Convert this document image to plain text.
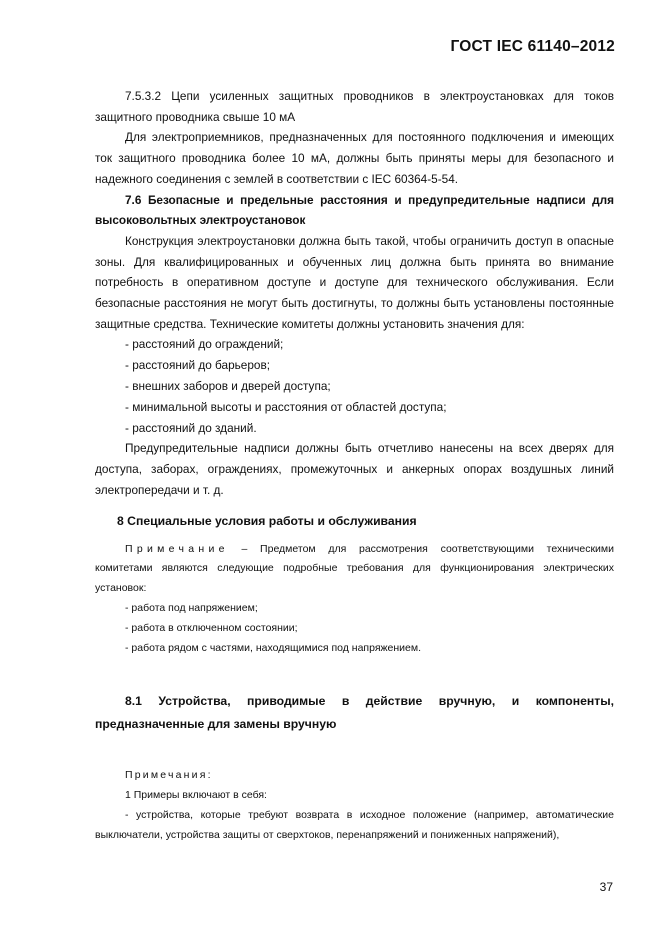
ГОСТ IEC 61140–2012

7.5.3.2 Цепи усиленных защитных проводников в электроустановках для токов защитного проводника свыше 10 мА

Для электроприемников, предназначенных для постоянного подключения и имеющих ток защитного проводника более 10 мА, должны быть приняты меры для безопасного и надежного соединения с землей в соответствии с IEC 60364-5-54.

7.6 Безопасные и предельные расстояния и предупредительные надписи для высоковольтных электроустановок

Конструкция электроустановки должна быть такой, чтобы ограничить доступ в опасные зоны. Для квалифицированных и обученных лиц должна быть принята во внимание потребность в оперативном доступе и доступе для технического обслуживания. Если безопасные расстояния не могут быть достигнуты, то должны быть установлены постоянные защитные средства. Технические комитеты должны установить значения для:

- расстояний до ограждений;
- расстояний до барьеров;
- внешних заборов и дверей доступа;
- минимальной высоты и расстояния от областей доступа;
- расстояний до зданий.

Предупредительные надписи должны быть отчетливо нанесены на всех дверях для доступа, заборах, ограждениях, промежуточных и анкерных опорах воздушных линий электропередачи и т. д.

8 Специальные условия работы и обслуживания

Примечание – Предметом для рассмотрения соответствующими техническими комитетами являются следующие подробные требования для функционирования электрических установок:

- работа под напряжением;
- работа в отключенном состоянии;
- работа рядом с частями, находящимися под напряжением.
8.1 Устройства, приводимые в действие вручную, и компоненты,
предназначенные для замены вручную
Примечания:
1 Примеры включают в себя:

- устройства, которые требуют возврата в исходное положение (например, автоматические выключатели, устройства защиты от сверхтоков, перенапряжений и пониженных напряжений),

37
